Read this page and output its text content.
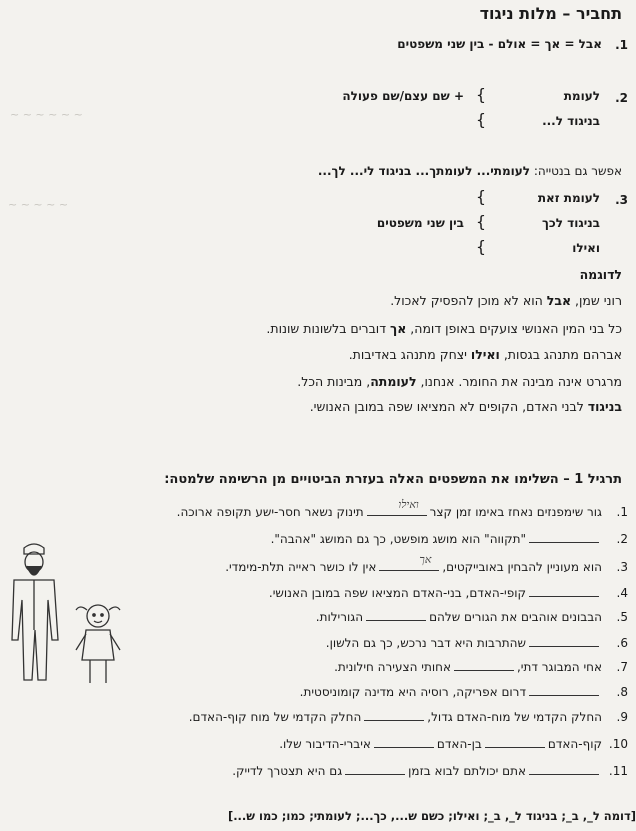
~ ~ ~ ~ ~ ~
~ ~ ~ ~ ~
תחביר – מלות ניגוד
1.
אבל = אך = אולם - בין שני משפטים
2.
לעומת
}
+ שם עצם/שם פעולה
בניגוד ל...
}
אפשר גם בנטייה: לעומתי... לעומתך... בניגוד לי... לך...
3.
לעומת זאת
}
בניגוד לכך
}
בין שני משפטים
ואילו
}
לדוגמה
רוני שמן, אבל הוא לא מוכן להפסיק לאכול.
כל בני המין האנושי צועקים באופן דומה, אך דוברים בלשונות שונות.
אברהם מתנהג בגסות, ואילו יצחק מתנהג באדיבות.
מרגרט אינה מבינה את החומר. אנחנו, לעומתה, מבינות הכל.
בניגוד לבני האדם, הקופים לא המציאו שפה במובן האנושי.
תרגיל 1 – השלימו את המשפטים האלה בעזרת הביטויים מן הרשימה שלמטה:
1.
גור שימפנזים נאחז באימו זמן קצר
ואילו
תינוק נשאר חסר-ישע תקופה ארוכה.
2.
"תקווה" הוא מושג מופשט, כך גם המושג "אהבה".
3.
הוא מעוניין להבחין באובייקטים,
אך
אין לו כושר ראייה תלת-מימדי.
4.
קופי-האדם, בני-האדם המציאו שפה במובן האנושי.
5.
הבבונים אוהבים את הגורים שלהםהגורילות.
6.
שהתרבות היא דבר נרכש, כך גם הלשון.
7.
אחי המבוגר דתי,אחותי הצעירה חילונית.
8.
דרום אפריקה, רוסיה היא מדינה קומוניסטית.
9.
החלק הקדמי של מוח-האדם גדול,החלק הקדמי של מוח קוף-האדם.
10.
קוף-האדםבן-האדםאיברי-הדיבור שלו.
11.
אתם יכולתם לבוא בזמןגם היא תצטרך לדייק.
[דומה ל_, ב_; בניגוד ל_, ב_; ואילו; כשם ש..., כך...; לעומתי; כמו; כמו ש...]
